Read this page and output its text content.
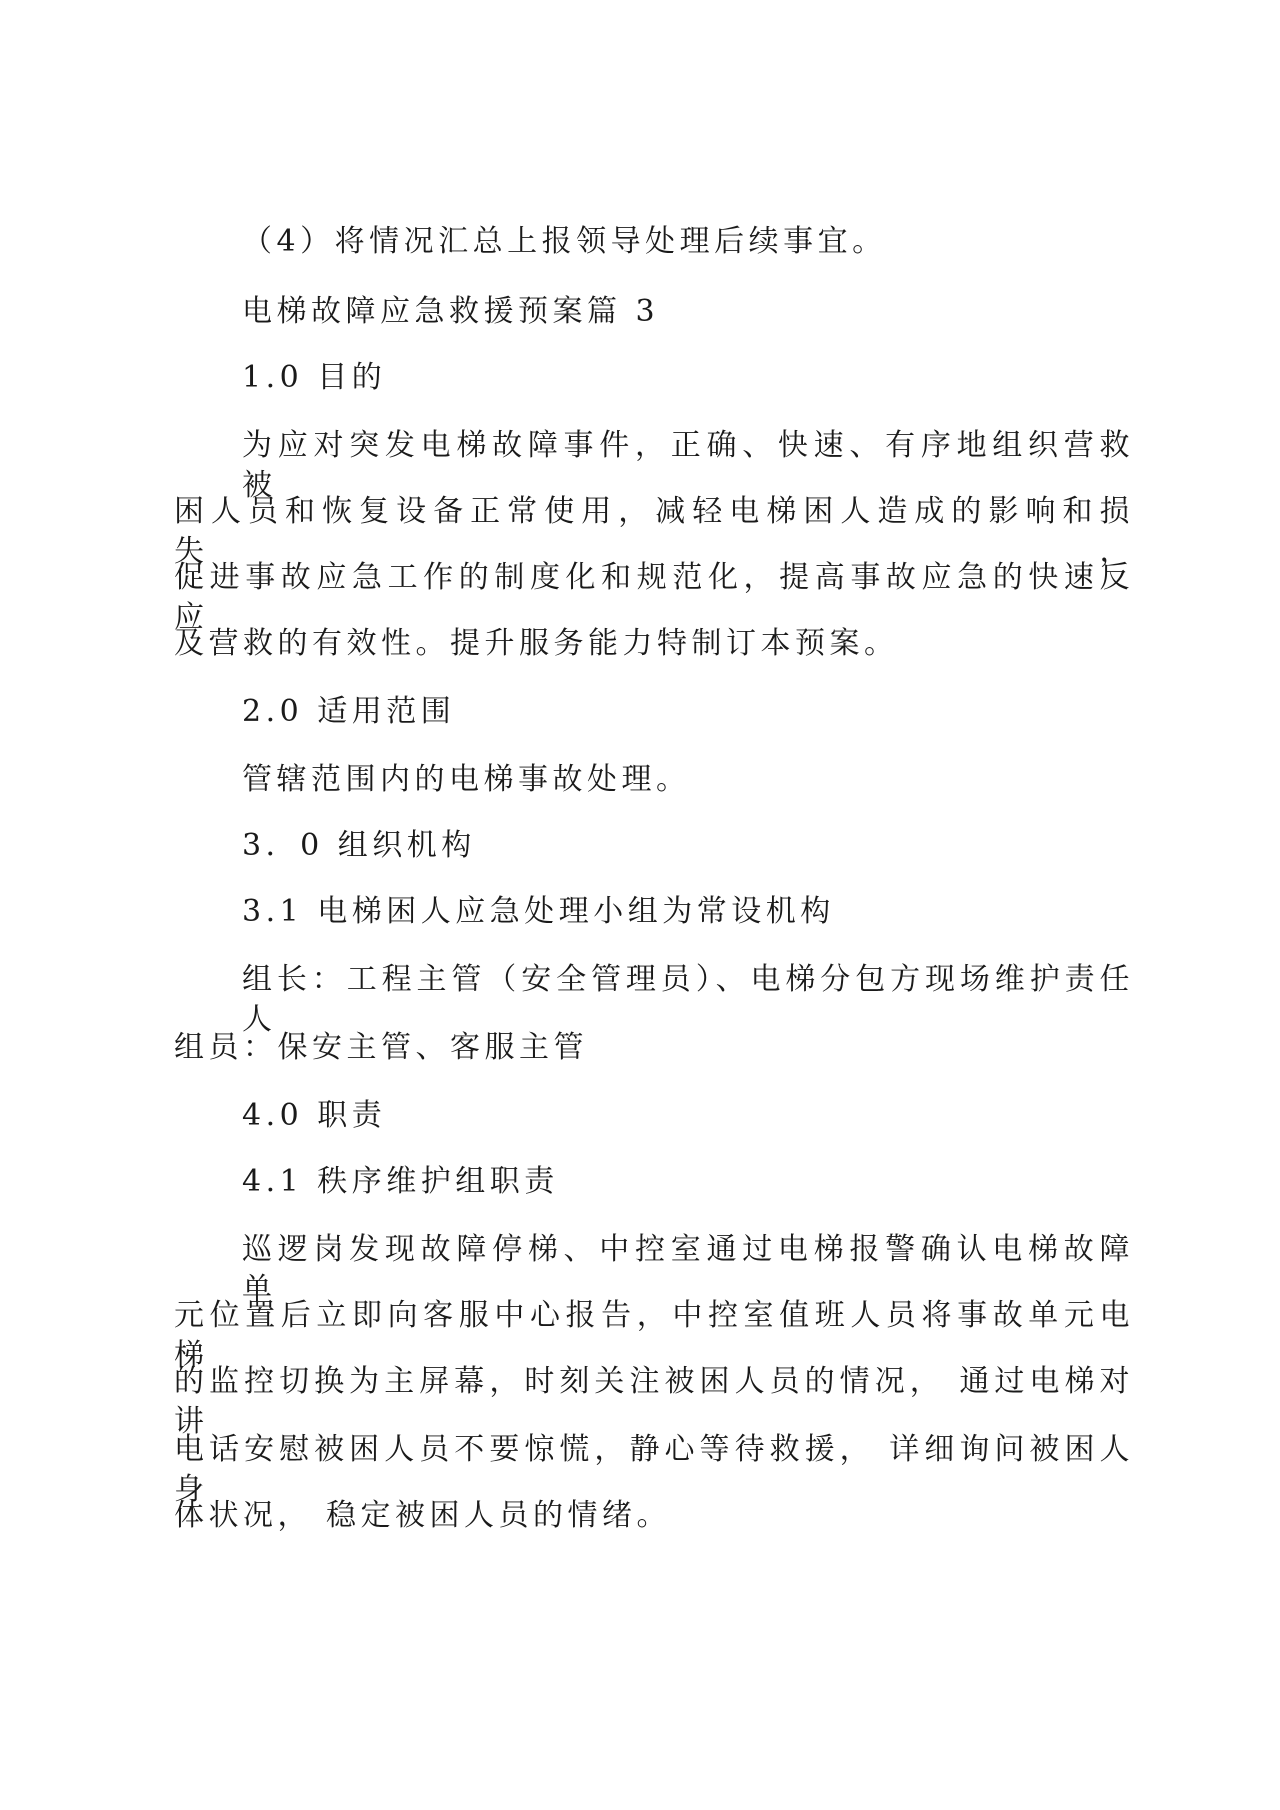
（4）将情况汇总上报领导处理后续事宜。
电梯故障应急救援预案篇 3
1.0 目的
为应对突发电梯故障事件，正确、快速、有序地组织营救被
困人员和恢复设备正常使用，减轻电梯困人造成的影响和损失，
促进事故应急工作的制度化和规范化，提高事故应急的快速反应
及营救的有效性。提升服务能力特制订本预案。
2.0 适用范围
管辖范围内的电梯事故处理。
3．0 组织机构
3.1 电梯困人应急处理小组为常设机构
组长：工程主管（安全管理员）、电梯分包方现场维护责任人
组员：保安主管、客服主管
4.0 职责
4.1 秩序维护组职责
巡逻岗发现故障停梯、中控室通过电梯报警确认电梯故障单
元位置后立即向客服中心报告，中控室值班人员将事故单元电梯
的监控切换为主屏幕，时刻关注被困人员的情况， 通过电梯对讲
电话安慰被困人员不要惊慌，静心等待救援， 详细询问被困人身
体状况， 稳定被困人员的情绪。
